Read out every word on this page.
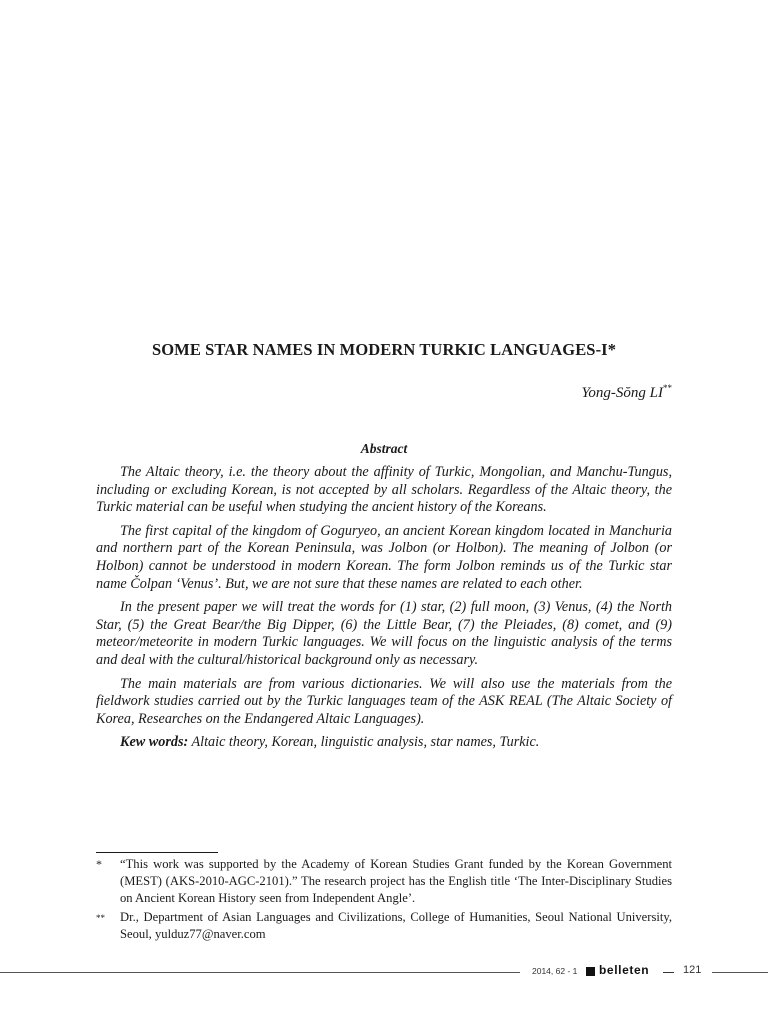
SOME STAR NAMES IN MODERN TURKIC LANGUAGES-I*
Yong-Sŏng LI**
Abstract

The Altaic theory, i.e. the theory about the affinity of Turkic, Mongolian, and Manchu-Tungus, including or excluding Korean, is not accepted by all scholars. Regardless of the Altaic theory, the Turkic material can be useful when studying the ancient history of the Koreans.

The first capital of the kingdom of Goguryeo, an ancient Korean kingdom located in Manchuria and northern part of the Korean Peninsula, was Jolbon (or Holbon). The meaning of Jolbon (or Holbon) cannot be understood in modern Korean. The form Jolbon reminds us of the Turkic star name Čolpan ‘Venus’. But, we are not sure that these names are related to each other.

In the present paper we will treat the words for (1) star, (2) full moon, (3) Venus, (4) the North Star, (5) the Great Bear/the Big Dipper, (6) the Little Bear, (7) the Pleiades, (8) comet, and (9) meteor/meteorite in modern Turkic languages. We will focus on the linguistic analysis of the terms and deal with the cultural/historical background only as necessary.

The main materials are from various dictionaries. We will also use the materials from the fieldwork studies carried out by the Turkic languages team of the ASK REAL (The Altaic Society of Korea, Researches on the Endangered Altaic Languages).

Kew words: Altaic theory, Korean, linguistic analysis, star names, Turkic.

*	“This work was supported by the Academy of Korean Studies Grant funded by the Korean Government (MEST) (AKS-2010-AGC-2101).” The research project has the English title ‘The Inter-Disciplinary Studies on Ancient Korean History seen from Independent Angle’.
**	Dr., Department of Asian Languages and Civilizations, College of Humanities, Seoul National University, Seoul, yulduz77@naver.com
2014, 62 - 1 belleten	121
